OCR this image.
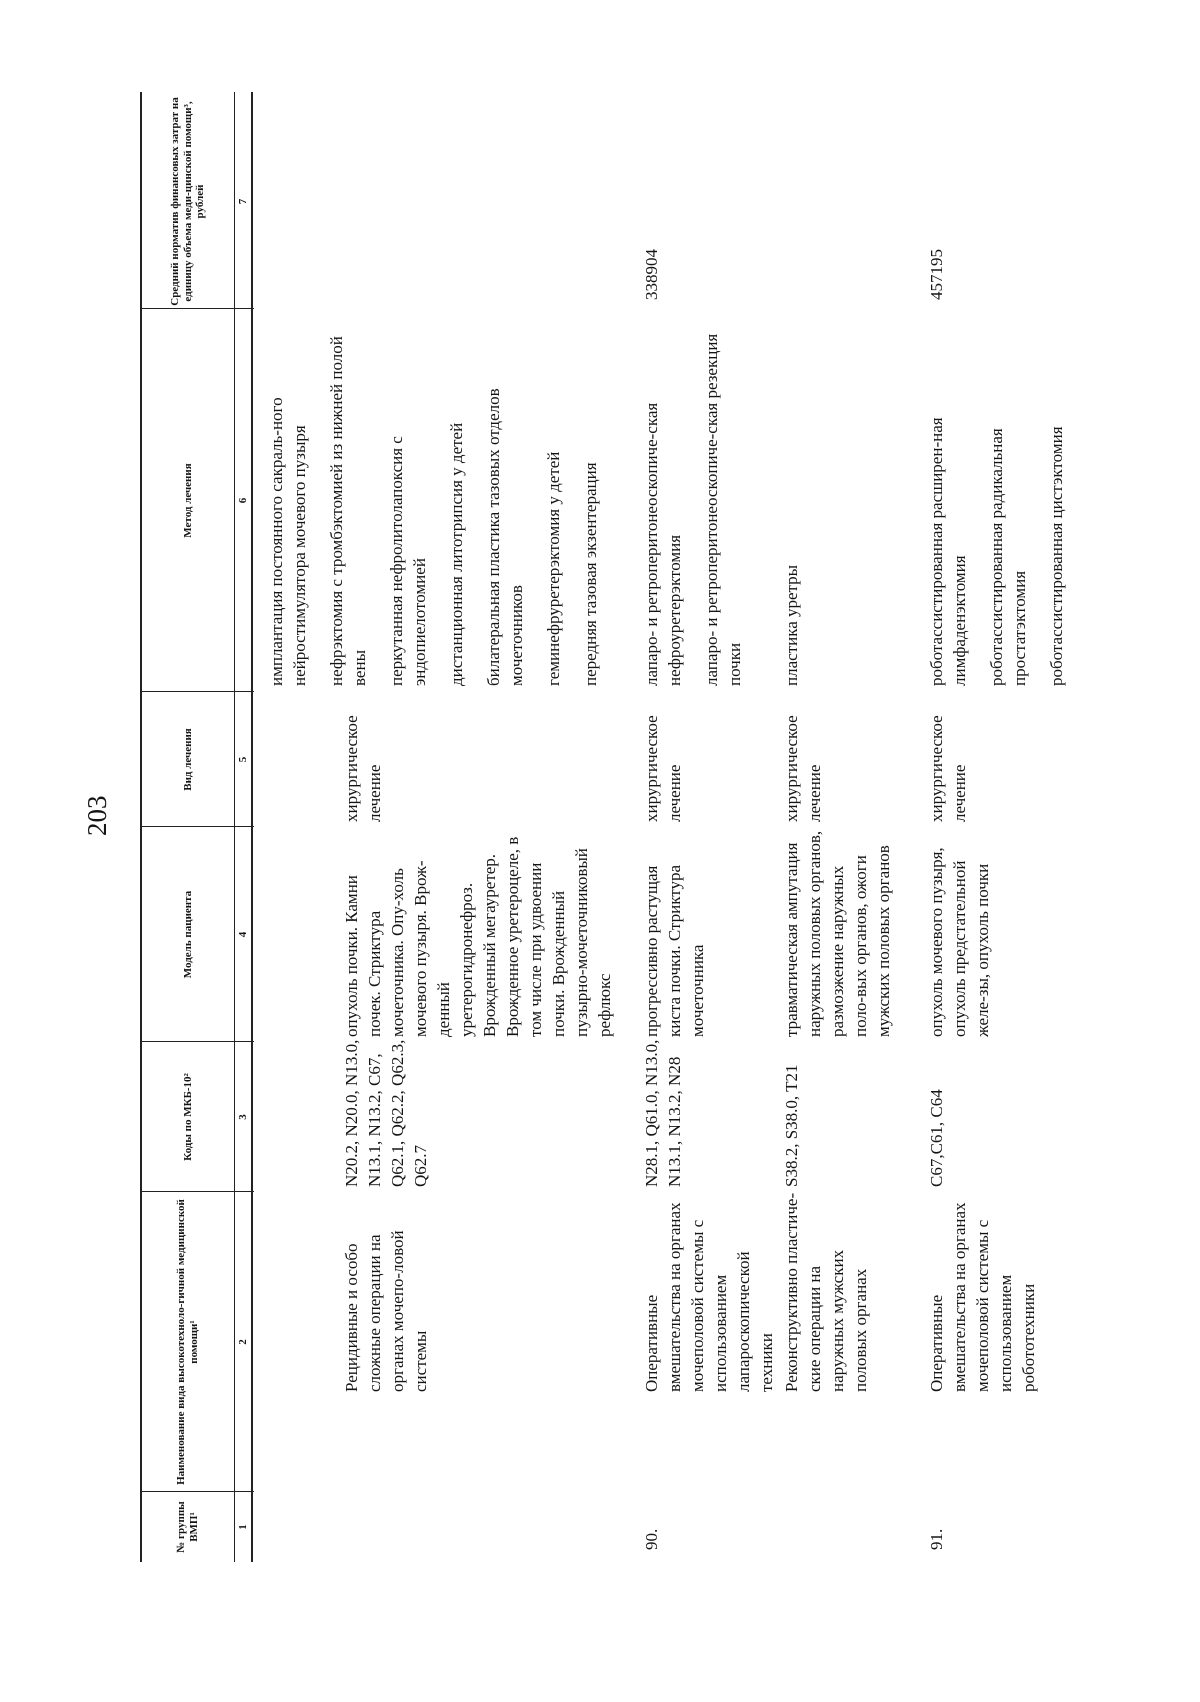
203
№ группы ВМП¹
Наименование вида высокотехноло-гичной медицинской помощи¹
Коды по МКБ-10²
Модель пациента
Вид лечения
Метод лечения
Средний норматив финансовых затрат на единицу объема меди-цинской помощи³, рублей
1
2
3
4
5
6
7
Рецидивные и особо сложные операции на органах мочепо-ловой системы
N20.2, N20.0, N13.0, N13.1, N13.2, C67, Q62.1, Q62.2, Q62.3, Q62.7
опухоль почки. Камни почек. Стриктура мочеточника. Опу-холь мочевого пузыря. Врож-денный уретерогидронефроз. Врожденный мегауретер. Врожденное уретероцеле, в том числе при удвоении почки. Врожденный пузырно-мочеточниковый рефлюкс
хирургическое лечение
имплантация постоянного сакраль-ного нейростимулятора мочевого пузыря нефрэктомия с тромбэктомией из нижней полой вены перкутанная нефролитолапоксия с эндопиелотомией дистанционная литотрипсия у детей билатеральная пластика тазовых отделов мочеточников геминефруретерэктомия у детей передняя тазовая экзентерация
90.
Оперативные вмешательства на органах мочеполовой системы с использованием лапароскопической техники
N28.1, Q61.0, N13.0, N13.1, N13.2, N28
прогрессивно растущая киста почки. Стриктура мочеточника
хирургическое лечение
лапаро- и ретроперитонеоскопиче-ская нефроуретерэктомия лапаро- и ретроперитонеоскопиче-ская резекция почки
338904
Реконструктивно пластиче-ские операции на наружных мужских половых органах
S38.2, S38.0, T21
травматическая ампутация наружных половых органов, размозжение наружных поло-вых органов, ожоги мужских половых органов
хирургическое лечение
пластика уретры
91.
Оперативные вмешательства на органах мочеполовой системы с использованием робототехники
C67,C61, C64
опухоль мочевого пузыря, опухоль предстательной желе-зы, опухоль почки
хирургическое лечение
роботассистированная расширен-ная лимфаденэктомия роботассистированная радикальная простатэктомия роботассистированная цистэктомия
457195
